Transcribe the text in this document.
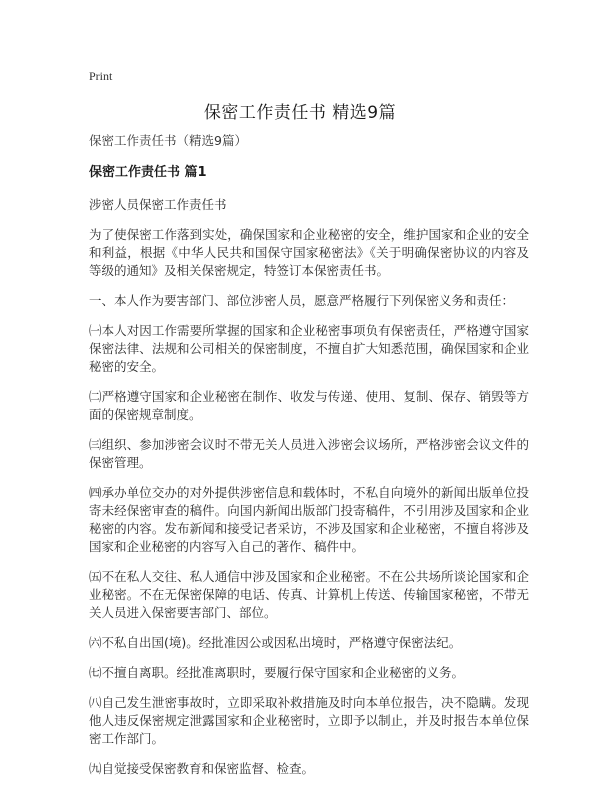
Print
保密工作责任书 精选9篇
保密工作责任书（精选9篇）
保密工作责任书 篇1

涉密人员保密工作责任书

为了使保密工作落到实处，确保国家和企业秘密的安全，维护国家和企业的安全和利益，根据《中华人民共和国保守国家秘密法》《关于明确保密协议的内容及等级的通知》及相关保密规定，特签订本保密责任书。

一、本人作为要害部门、部位涉密人员，愿意严格履行下列保密义务和责任：

㈠本人对因工作需要所掌握的国家和企业秘密事项负有保密责任，严格遵守国家保密法律、法规和公司相关的保密制度，不擅自扩大知悉范围，确保国家和企业秘密的安全。

㈡严格遵守国家和企业秘密在制作、收发与传递、使用、复制、保存、销毁等方面的保密规章制度。

㈢组织、参加涉密会议时不带无关人员进入涉密会议场所，严格涉密会议文件的保密管理。

㈣承办单位交办的对外提供涉密信息和载体时，不私自向境外的新闻出版单位投寄未经保密审查的稿件。向国内新闻出版部门投寄稿件，不引用涉及国家和企业秘密的内容。发布新闻和接受记者采访，不涉及国家和企业秘密，不擅自将涉及国家和企业秘密的内容写入自己的著作、稿件中。

㈤不在私人交往、私人通信中涉及国家和企业秘密。不在公共场所谈论国家和企业秘密。不在无保密保障的电话、传真、计算机上传送、传输国家秘密，不带无关人员进入保密要害部门、部位。

㈥不私自出国(境)。经批准因公或因私出境时，严格遵守保密法纪。

㈦不擅自离职。经批准离职时，要履行保守国家和企业秘密的义务。

㈧自己发生泄密事故时，立即采取补救措施及时向本单位报告，决不隐瞒。发现他人违反保密规定泄露国家和企业秘密时，立即予以制止，并及时报告本单位保密工作部门。

㈨自觉接受保密教育和保密监督、检查。
